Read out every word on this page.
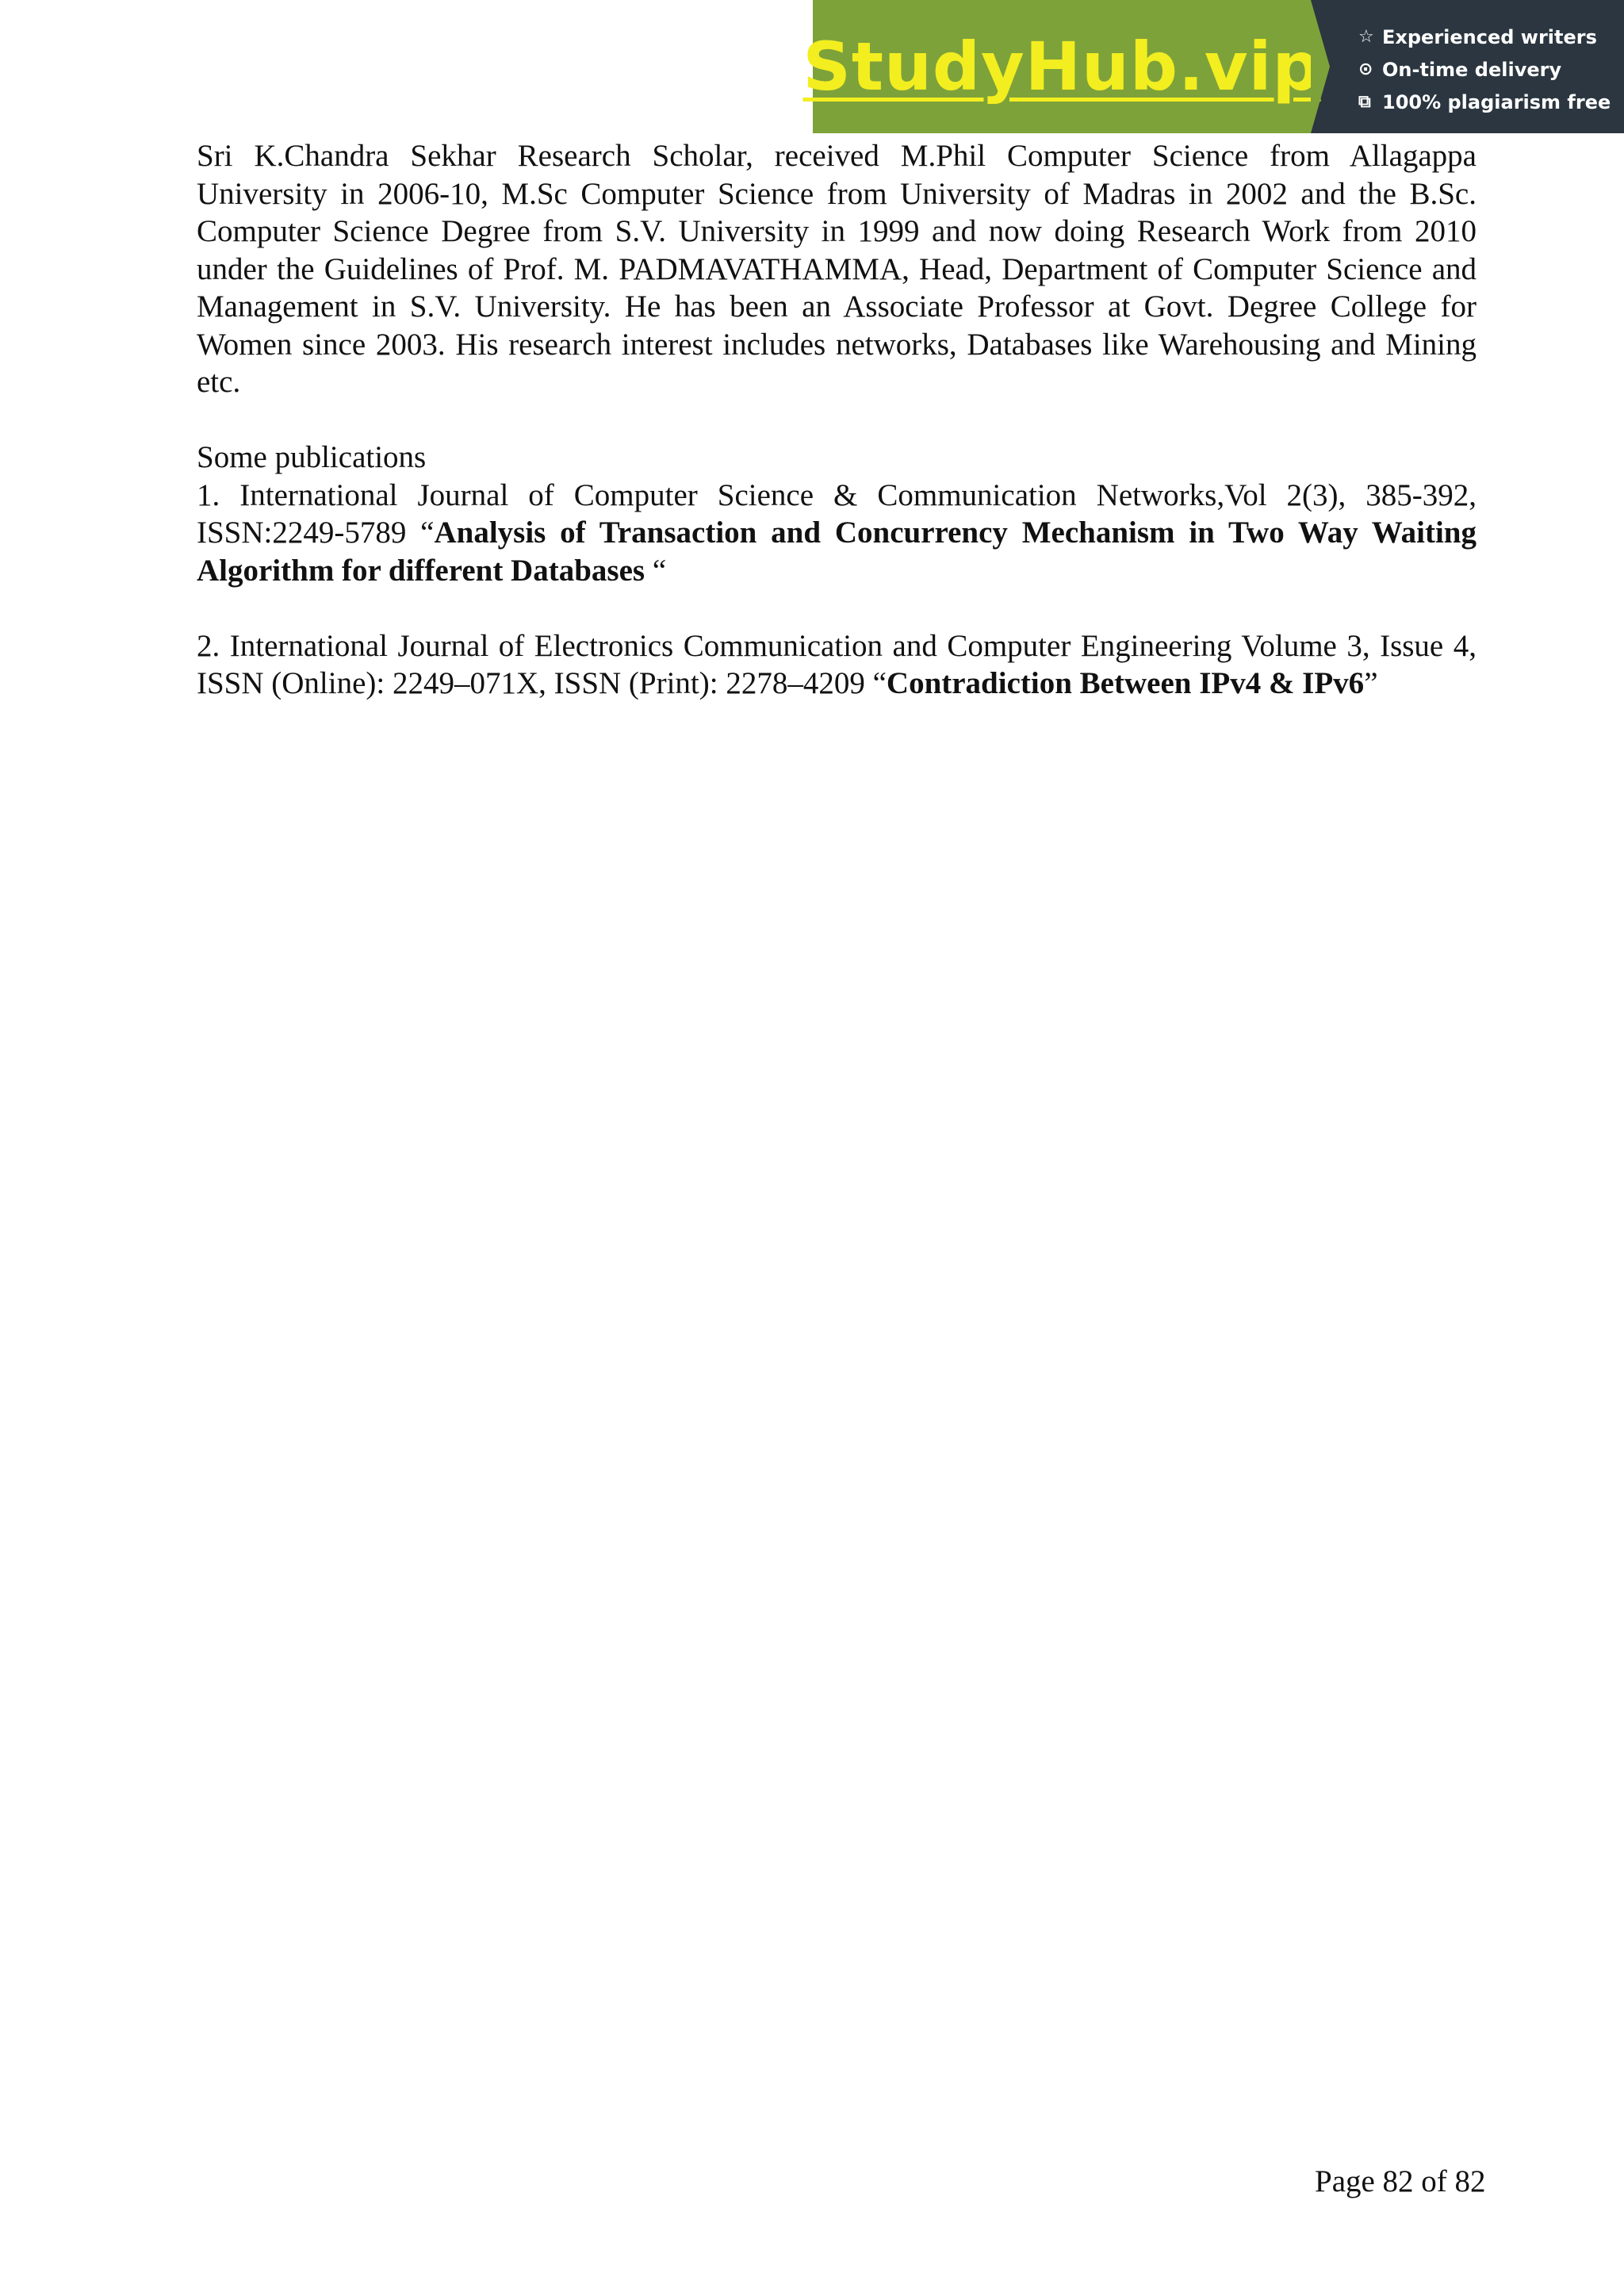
StudyHub.vip ☆ Experienced writers
⊙ On-time delivery
⧉ 100% plagiarism free

Sri K.Chandra Sekhar Research Scholar, received M.Phil Computer Science from Allagappa University in 2006-10, M.Sc Computer Science from University of Madras in 2002 and the B.Sc. Computer Science Degree from S.V. University in 1999 and now doing Research Work from 2010 under the Guidelines of Prof. M. PADMAVATHAMMA, Head, Department of Computer Science and Management in S.V. University. He has been an Associate Professor at Govt. Degree College for Women since 2003. His research interest includes networks, Databases like Warehousing and Mining etc.

Some publications

1. International Journal of Computer Science & Communication Networks,Vol 2(3), 385-392, ISSN:2249-5789 “Analysis of Transaction and Concurrency Mechanism in Two Way Waiting Algorithm for different Databases “

2. International Journal of Electronics Communication and Computer Engineering Volume 3, Issue 4, ISSN (Online): 2249–071X, ISSN (Print): 2278–4209 “Contradiction Between IPv4 & IPv6”

Page 82 of 82
